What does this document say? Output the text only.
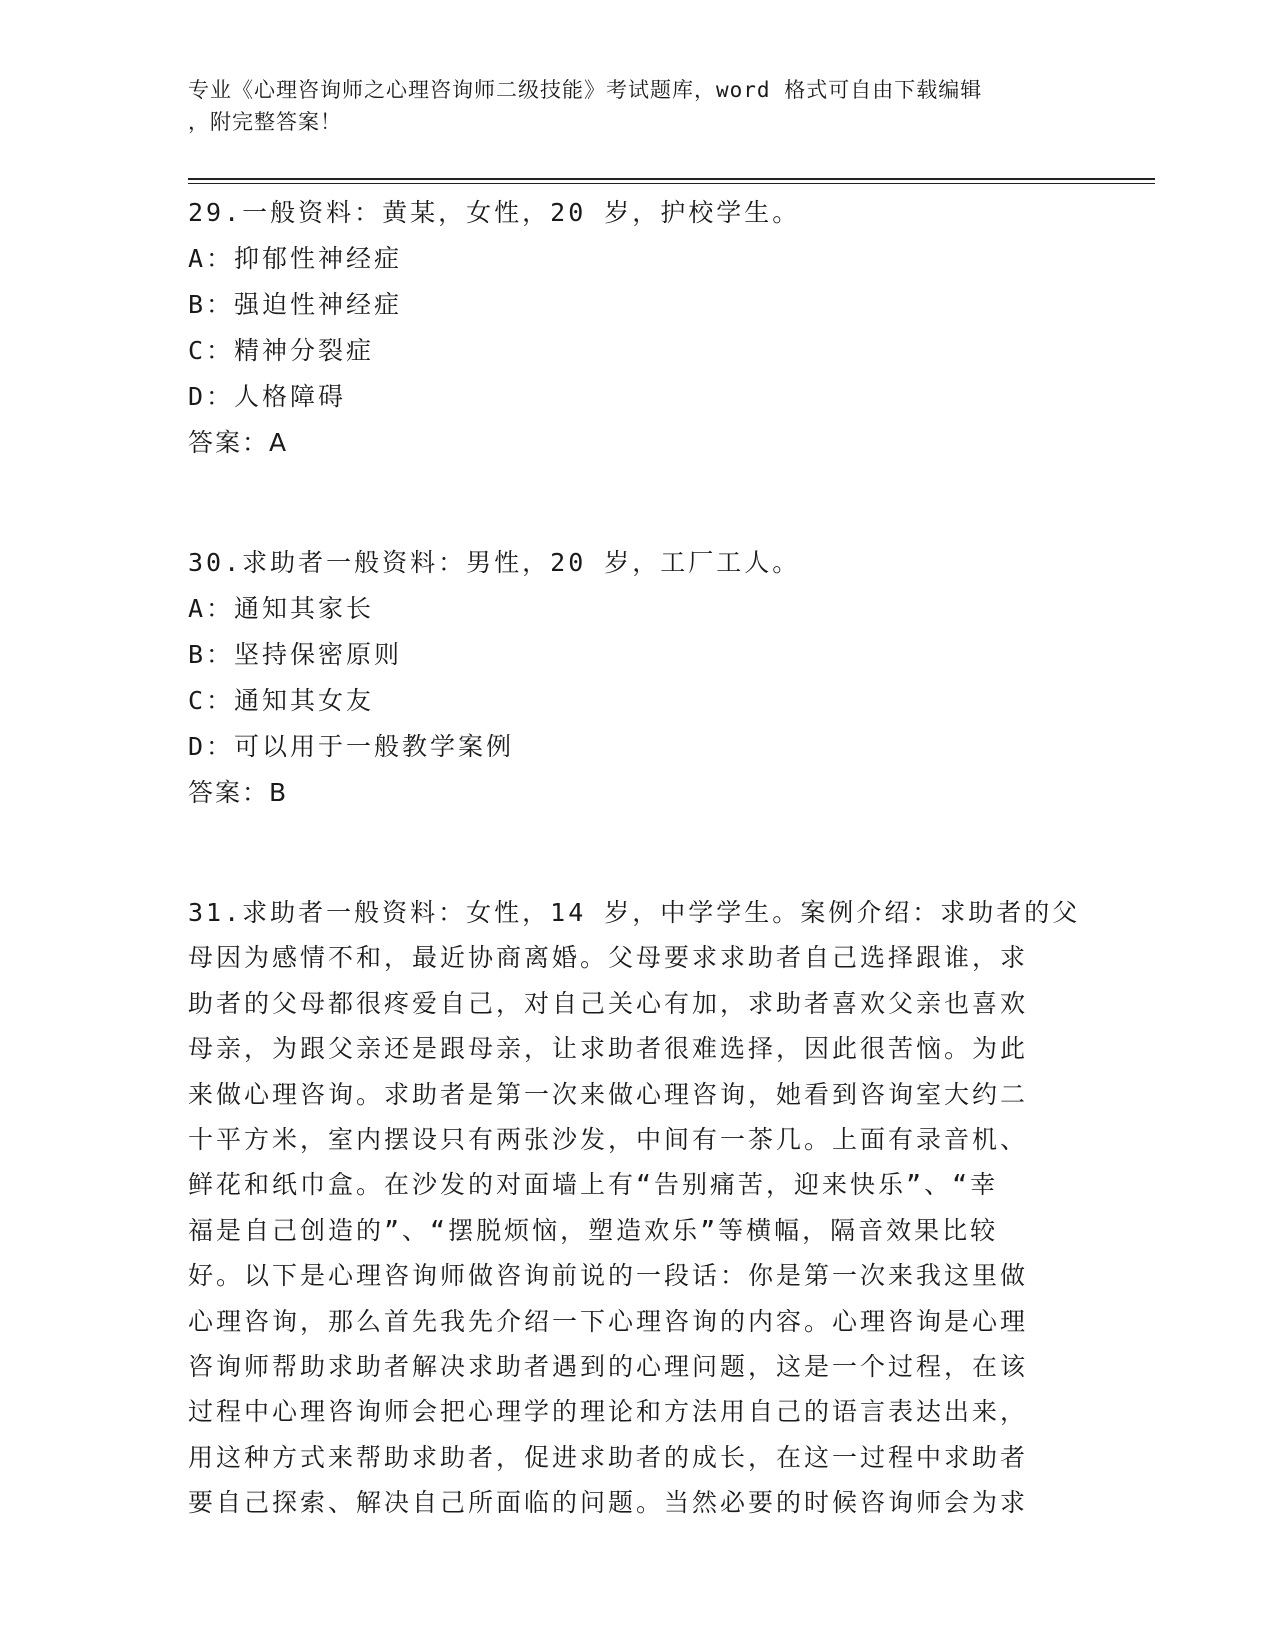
专业《心理咨询师之心理咨询师二级技能》考试题库，word 格式可自由下载编辑
，附完整答案！
29.一般资料：黄某，女性，20 岁，护校学生。
A：抑郁性神经症
B：强迫性神经症
C：精神分裂症
D：人格障碍
答案：A
30.求助者一般资料：男性，20 岁，工厂工人。
A：通知其家长
B：坚持保密原则
C：通知其女友
D：可以用于一般教学案例
答案：B
31.求助者一般资料：女性，14 岁，中学学生。案例介绍：求助者的父
母因为感情不和，最近协商离婚。父母要求求助者自己选择跟谁，求
助者的父母都很疼爱自己，对自己关心有加，求助者喜欢父亲也喜欢
母亲，为跟父亲还是跟母亲，让求助者很难选择，因此很苦恼。为此
来做心理咨询。求助者是第一次来做心理咨询，她看到咨询室大约二
十平方米，室内摆设只有两张沙发，中间有一茶几。上面有录音机、
鲜花和纸巾盒。在沙发的对面墙上有“告别痛苦，迎来快乐”、“幸
福是自己创造的”、“摆脱烦恼，塑造欢乐”等横幅，隔音效果比较
好。以下是心理咨询师做咨询前说的一段话：你是第一次来我这里做
心理咨询，那么首先我先介绍一下心理咨询的内容。心理咨询是心理
咨询师帮助求助者解决求助者遇到的心理问题，这是一个过程，在该
过程中心理咨询师会把心理学的理论和方法用自己的语言表达出来，
用这种方式来帮助求助者，促进求助者的成长，在这一过程中求助者
要自己探索、解决自己所面临的问题。当然必要的时候咨询师会为求
